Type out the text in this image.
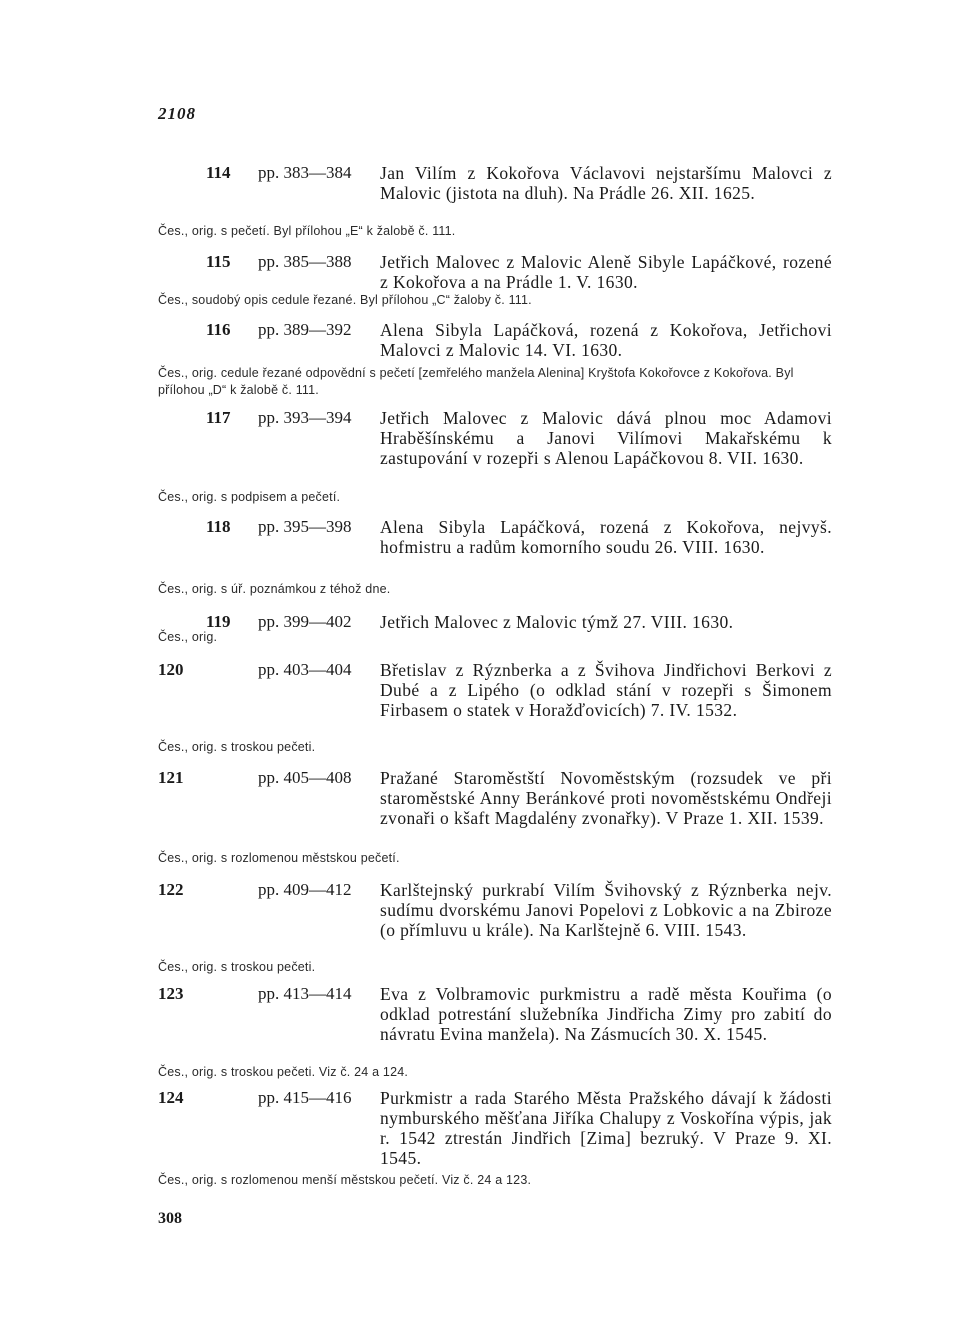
2108
114 pp. 383—384 Jan Vilím z Kokořova Václavovi nejstaršímu Malovci z Malovic (jistota na dluh). Na Prádle 26. XII. 1625.
Čes., orig. s pečetí. Byl přílohou „E“ k žalobě č. 111.
115 pp. 385—388 Jetřich Malovec z Malovic Aleně Sibyle Lapáčkové, rozené z Kokořova a na Prádle 1. V. 1630.
Čes., soudobý opis cedule řezané. Byl přílohou „C“ žaloby č. 111.
116 pp. 389—392 Alena Sibyla Lapáčková, rozená z Kokořova, Jetřichovi Malovci z Malovic 14. VI. 1630.
Čes., orig. cedule řezané odpovědní s pečetí [zemřelého manžela Alenina] Kryštofa Kokořovce z Kokořova. Byl přílohou „D“ k žalobě č. 111.
117 pp. 393—394 Jetřich Malovec z Malovic dává plnou moc Adamovi Hraběšínskému a Janovi Vilímovi Makařskému k zastupování v rozepři s Alenou Lapáčkovou 8. VII. 1630.
Čes., orig. s podpisem a pečetí.
118 pp. 395—398 Alena Sibyla Lapáčková, rozená z Kokořova, nejvyš. hofmistru a radům komorního soudu 26. VIII. 1630.
Čes., orig. s úř. poznámkou z téhož dne.
119 pp. 399—402 Jetřich Malovec z Malovic týmž 27. VIII. 1630.
Čes., orig.
120	pp. 403—404 Břetislav z Rýznberka a z Švihova Jindřichovi Berkovi z Dubé a z Lipého (o odklad stání v rozepři s Šimonem Firbasem o statek v Horažďovicích) 7. IV. 1532.
Čes., orig. s troskou pečeti.
121	pp. 405—408 Pražané Staroměstští Novoměstským (rozsudek ve při staroměstské Anny Beránkové proti novoměstskému Ondřeji zvonaři o kšaft Magdalény zvonařky). V Praze 1. XII. 1539.
Čes., orig. s rozlomenou městskou pečetí.
122	pp. 409—412 Karlštejnský purkrabí Vilím Švihovský z Rýznberka nejv. sudímu dvorskému Janovi Popelovi z Lobkovic a na Zbiroze (o přímluvu u krále). Na Karlštejně 6. VIII. 1543.
Čes., orig. s troskou pečeti.
123	pp. 413—414 Eva z Volbramovic purkmistru a radě města Kouřima (o odklad potrestání služebníka Jindřicha Zimy pro zabití do návratu Evina manžela). Na Zásmucích 30. X. 1545.
Čes., orig. s troskou pečeti. Viz č. 24 a 124.
124	pp. 415—416 Purkmistr a rada Starého Města Pražského dávají k žádosti nymburského měšťana Jiříka Chalupy z Voskořína výpis, jak r. 1542 ztrestán Jindřich [Zima] bezruký. V Praze 9. XI. 1545.
Čes., orig. s rozlomenou menší městskou pečetí. Viz č. 24 a 123.
308
